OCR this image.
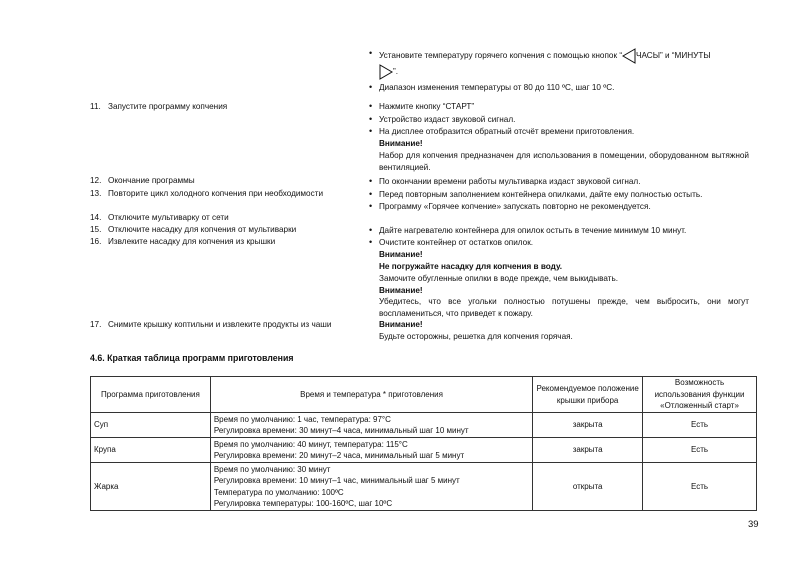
• Установите температуру горячего копчения с помощью кнопок “ ЧАСЫ” и “МИНУТЫ
”.
• Диапазон изменения температуры от 80 до 110 ºС, шаг 10 ºС.
11. Запустите программу копчения	• Нажмите кнопку “СТАРТ”
• Устройство издаст звуковой сигнал.
• На дисплее отобразится обратный отсчёт времени приготовления.
Внимание!
Набор для копчения предназначен для использования в помещении, оборудованном вытяжной вентиляцией.
12. Окончание программы	• По окончании времени работы мультиварка издаст звуковой сигнал.
13. Повторите цикл холодного копчения при необходимости	• Перед повторным заполнением контейнера опилками, дайте ему полностью остыть.
• Программу «Горячее копчение» запускать повторно не рекомендуется.
14. Отключите мультиварку от сети
15. Отключите насадку для копчения от мультиварки	• Дайте нагревателю контейнера для опилок остыть в течение минимум 10 минут.
16. Извлеките насадку для копчения из крышки	• Очистите контейнер от остатков опилок.
Внимание!
Не погружайте насадку для копчения в воду.
Замочите обугленные опилки в воде прежде, чем выкидывать.
Внимание!
Убедитесь, что все угольки полностью потушены прежде, чем выбросить, они могут воспламениться, что приведет к пожару.
17. Снимите крышку коптильни и извлеките продукты из чаши	Внимание!
Будьте осторожны, решетка для копчения горячая.
4.6. Краткая таблица программ приготовления
Программа приготовления	Время и температура * приготовления	Рекомендуемое положение крышки прибора	Возможность использования функции «Отложенный старт»
Суп	Время по умолчанию: 1 час, температура: 97°С
Регулировка времени: 30 минут–4 часа, минимальный шаг 10 минут	закрыта	Есть
Крупа	Время по умолчанию: 40 минут, температура: 115°С
Регулировка времени: 20 минут–2 часа, минимальный шаг 5 минут	закрыта	Есть
Жарка	Время по умолчанию: 30 минут
Регулировка времени: 10 минут–1 час, минимальный шаг 5 минут
Температура по умолчанию: 100ºС
Регулировка температуры: 100-160ºС, шаг 10ºС	открыта	Есть
39
